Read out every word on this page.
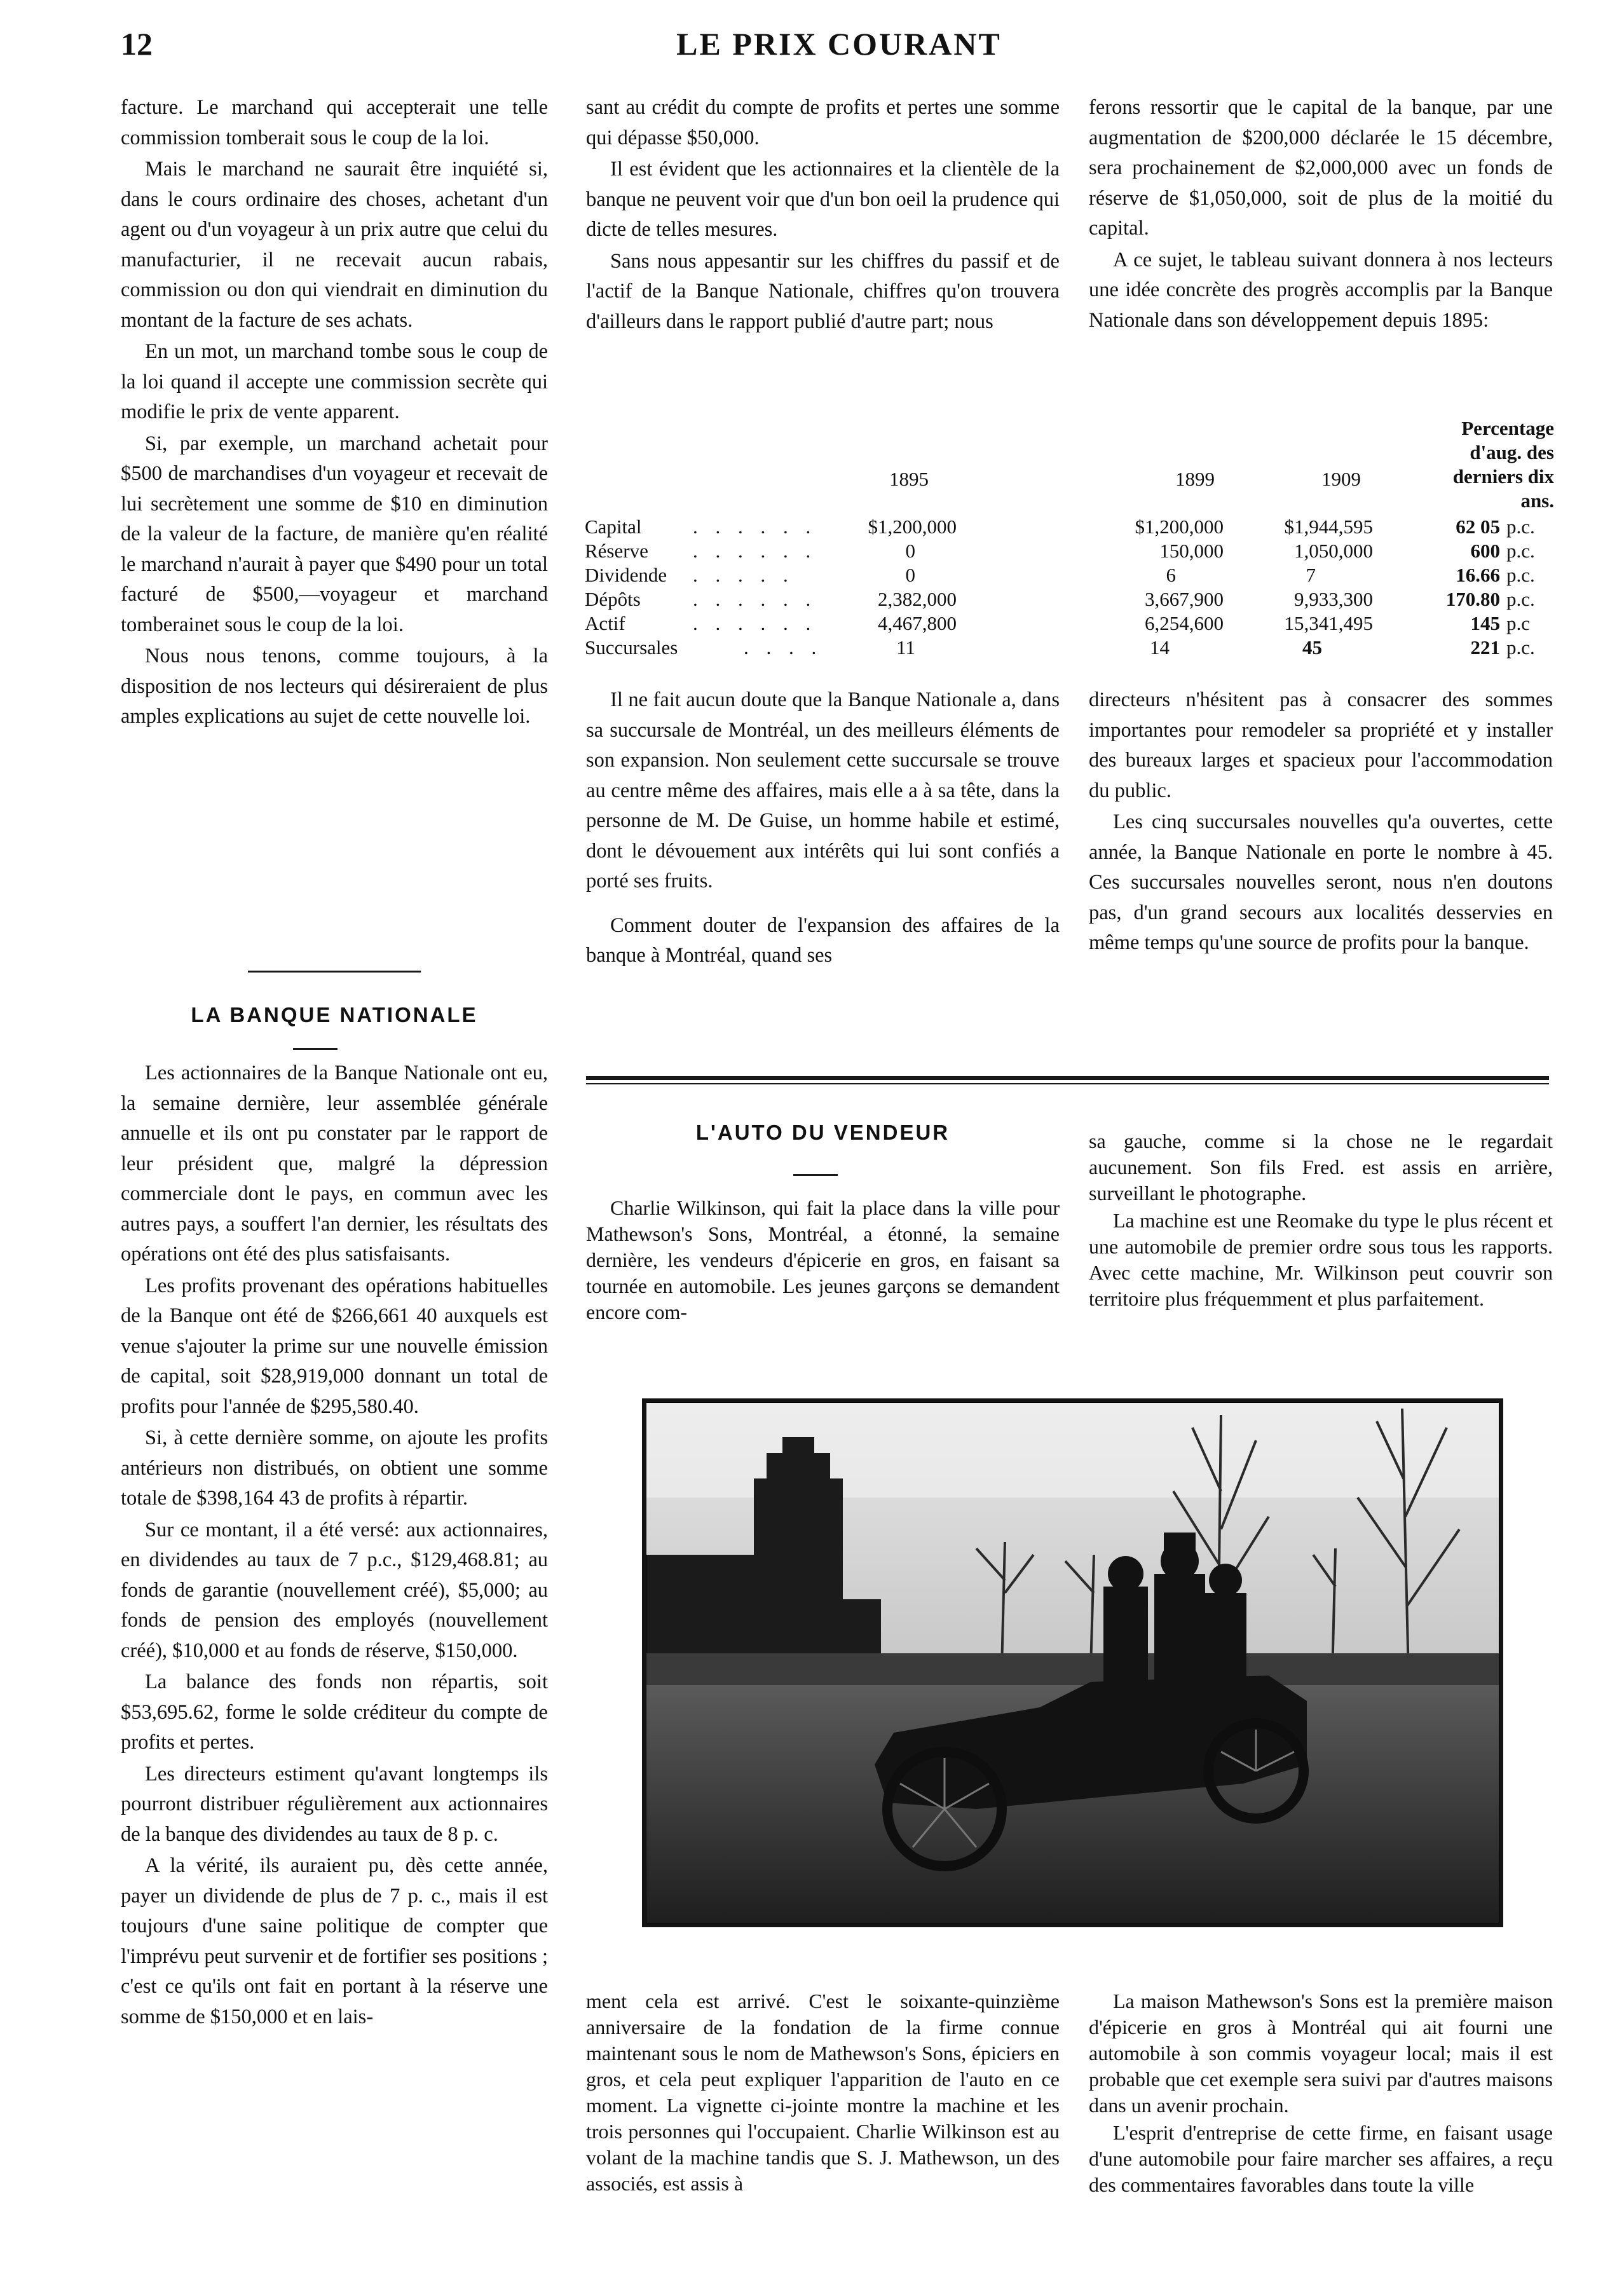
12	LE PRIX COURANT

facture. Le marchand qui accepterait une telle commission tomberait sous le coup de la loi.

Mais le marchand ne saurait être inquiété si, dans le cours ordinaire des choses, achetant d'un agent ou d'un voyageur à un prix autre que celui du manufacturier, il ne recevait aucun rabais, commission ou don qui viendrait en diminution du montant de la facture de ses achats.

En un mot, un marchand tombe sous le coup de la loi quand il accepte une commission secrète qui modifie le prix de vente apparent.

Si, par exemple, un marchand achetait pour $500 de marchandises d'un voyageur et recevait de lui secrètement une somme de $10 en diminution de la valeur de la facture, de manière qu'en réalité le marchand n'aurait à payer que $490 pour un total facturé de $500,—voyageur et marchand tomberainet sous le coup de la loi.

Nous nous tenons, comme toujours, à la disposition de nos lecteurs qui désireraient de plus amples explications au sujet de cette nouvelle loi.

LA BANQUE NATIONALE

Les actionnaires de la Banque Nationale ont eu, la semaine dernière, leur assemblée générale annuelle et ils ont pu constater par le rapport de leur président que, malgré la dépression commerciale dont le pays, en commun avec les autres pays, a souffert l'an dernier, les résultats des opérations ont été des plus satisfaisants.

Les profits provenant des opérations habituelles de la Banque ont été de $266,661 40 auxquels est venue s'ajouter la prime sur une nouvelle émission de capital, soit $28,919,000 donnant un total de profits pour l'année de $295,580.40.

Si, à cette dernière somme, on ajoute les profits antérieurs non distribués, on obtient une somme totale de $398,164 43 de profits à répartir.

Sur ce montant, il a été versé: aux actionnaires, en dividendes au taux de 7 p.c., $129,468.81; au fonds de garantie (nouvellement créé), $5,000; au fonds de pension des employés (nouvellement créé), $10,000 et au fonds de réserve, $150,000.

La balance des fonds non répartis, soit $53,695.62, forme le solde créditeur du compte de profits et pertes.

Les directeurs estiment qu'avant longtemps ils pourront distribuer régulièrement aux actionnaires de la banque des dividendes au taux de 8 p. c.

A la vérité, ils auraient pu, dès cette année, payer un dividende de plus de 7 p. c., mais il est toujours d'une saine politique de compter que l'imprévu peut survenir et de fortifier ses positions ; c'est ce qu'ils ont fait en portant à la réserve une somme de $150,000 et en lais-

sant au crédit du compte de profits et pertes une somme qui dépasse $50,000.

Il est évident que les actionnaires et la clientèle de la banque ne peuvent voir que d'un bon oeil la prudence qui dicte de telles mesures.

Sans nous appesantir sur les chiffres du passif et de l'actif de la Banque Nationale, chiffres qu'on trouvera d'ailleurs dans le rapport publié d'autre part; nous

ferons ressortir que le capital de la banque, par une augmentation de $200,000 déclarée le 15 décembre, sera prochainement de $2,000,000 avec un fonds de réserve de $1,050,000, soit de plus de la moitié du capital.

A ce sujet, le tableau suivant donnera à nos lecteurs une idée concrète des progrès accomplis par la Banque Nationale dans son développement depuis 1895:

1895	1899	1909
Percentage d'aug. des derniers dix ans.
Capital	. . . . . .	$1,200,000	$1,200,000	$1,944,595	62 05 p.c.
Réserve . . . . . .	0	150,000	1,050,000	600 p.c.
Dividende . . . . .	0	6	7	16.66 p.c.
Dépôts	. . . . . .	2,382,000	3,667,900	9,933,300	170.80 p.c.
Actif	. . . . . .	4,467,800	6,254,600	15,341,495	145 p.c
Succursales	. . . .	11	14	45	221 p.c.

Il ne fait aucun doute que la Banque Nationale a, dans sa succursale de Montréal, un des meilleurs éléments de son expansion. Non seulement cette succursale se trouve au centre même des affaires, mais elle a à sa tête, dans la personne de M. De Guise, un homme habile et estimé, dont le dévouement aux intérêts qui lui sont confiés a porté ses fruits.

Comment douter de l'expansion des affaires de la banque à Montréal, quand ses

directeurs n'hésitent pas à consacrer des sommes importantes pour remodeler sa propriété et y installer des bureaux larges et spacieux pour l'accommodation du public.

Les cinq succursales nouvelles qu'a ouvertes, cette année, la Banque Nationale en porte le nombre à 45. Ces succursales nouvelles seront, nous n'en doutons pas, d'un grand secours aux localités desservies en même temps qu'une source de profits pour la banque.

L'AUTO DU VENDEUR

Charlie Wilkinson, qui fait la place dans la ville pour Mathewson's Sons, Montréal, a étonné, la semaine dernière, les vendeurs d'épicerie en gros, en faisant sa tournée en automobile. Les jeunes garçons se demandent encore com-

sa gauche, comme si la chose ne le regardait aucunement. Son fils Fred. est assis en arrière, surveillant le photographe.

La machine est une Reomake du type le plus récent et une automobile de premier ordre sous tous les rapports. Avec cette machine, Mr. Wilkinson peut couvrir son territoire plus fréquemment et plus parfaitement.

ment cela est arrivé. C'est le soixante-quinzième anniversaire de la fondation de la firme connue maintenant sous le nom de Mathewson's Sons, épiciers en gros, et cela peut expliquer l'apparition de l'auto en ce moment. La vignette ci-jointe montre la machine et les trois personnes qui l'occupaient. Charlie Wilkinson est au volant de la machine tandis que S. J. Mathewson, un des associés, est assis à

La maison Mathewson's Sons est la première maison d'épicerie en gros à Montréal qui ait fourni une automobile à son commis voyageur local; mais il est probable que cet exemple sera suivi par d'autres maisons dans un avenir prochain.

L'esprit d'entreprise de cette firme, en faisant usage d'une automobile pour faire marcher ses affaires, a reçu des commentaires favorables dans toute la ville
